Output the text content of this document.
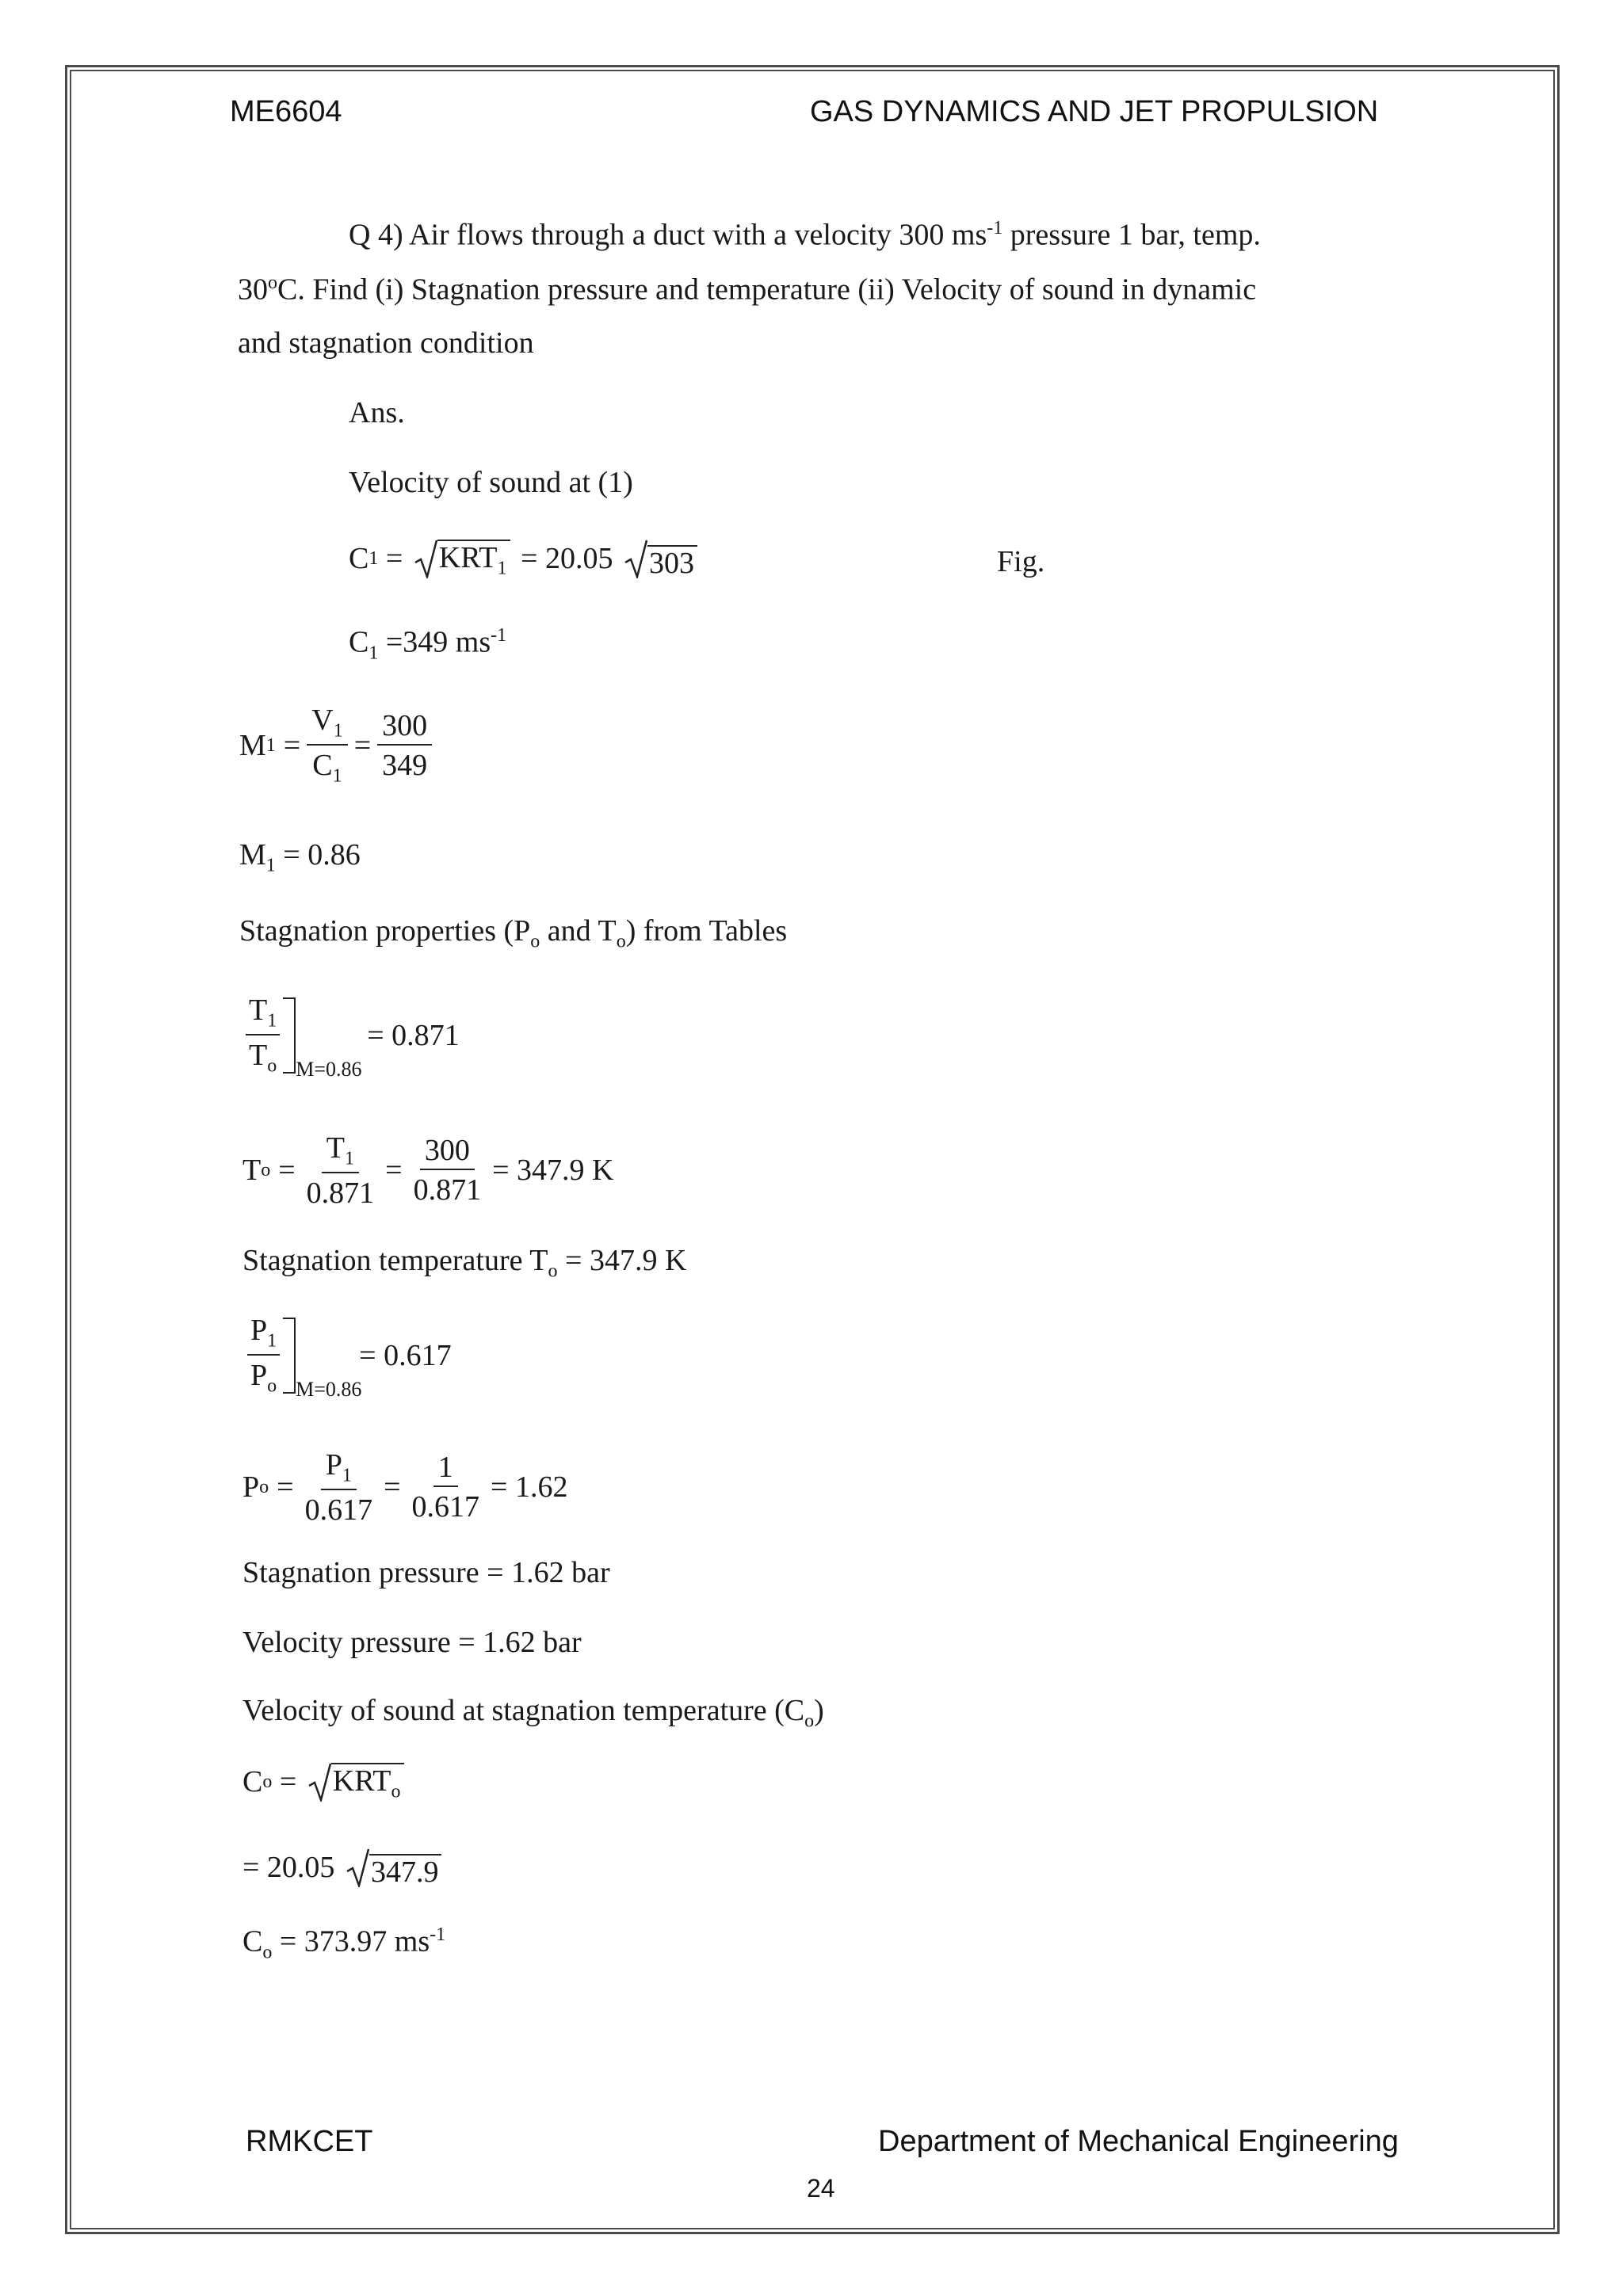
ME6604	GAS DYNAMICS AND JET PROPULSION
Q 4) Air flows through a duct with a velocity 300 $ms^{-1}$ pressure 1 bar, temp.
30$^o$C. Find (i) Stagnation pressure and temperature (ii) Velocity of sound in dynamic
and stagnation condition
Ans.
Velocity of sound at (1)
C $1 = KRT_1 = 20.05$ 303	Fig.
$C_1 =349$ $ms^{-1}$
M $1 = \frac{V_1}{C_1} = \frac{300}{349}$
$M_1 = 0.86$
Stagnation properties ($P_o$ and $T_o$) from Tables
$\frac{T_1}{T_o} M=0.86$
= 0.871
T $o = \frac{T_1}{0.871} = \frac{300}{0.871} = 347.9$ K
Stagnation temperature $T_o = 347.9$ K
$\frac{P_1}{P_o} M=0.86$
= 0.617
P $o = \frac{P_1}{0.617} = \frac{1}{0.617} = 1.62$
Stagnation pressure = 1.62 bar
Velocity pressure = 1.62 bar
Velocity of sound at stagnation temperature $(C_o)$
C $o = KRT_o$
= 20.05 347.9
$C_o = 373.97$ $ms^{-1}$
RMKCET	Department of Mechanical Engineering
24
